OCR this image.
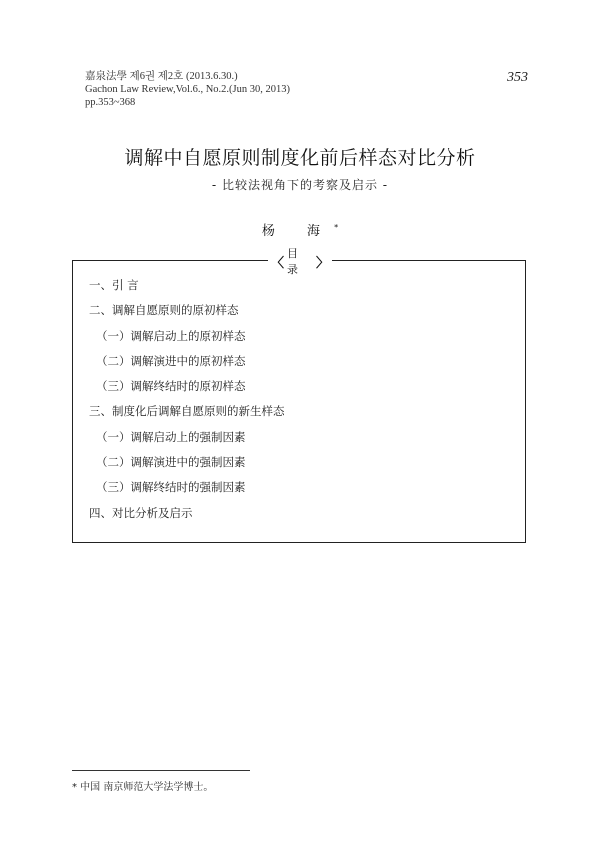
嘉泉法學 제6권 제2호 (2013.6.30.)
Gachon Law Review,Vol.6., No.2.(Jun 30, 2013)
pp.353~368
353
调解中自愿原则制度化前后样态对比分析
- 比较法视角下的考察及启示 -
杨 海*
〈
目 录 〉
一、引 言
二、调解自愿原则的原初样态
（一）调解启动上的原初样态
（二）调解演进中的原初样态
（三）调解终结时的原初样态
三、制度化后调解自愿原则的新生样态
（一）调解启动上的强制因素
（二）调解演进中的强制因素
（三）调解终结时的强制因素
四、对比分析及启示
* 中国 南京师范大学法学博士。
